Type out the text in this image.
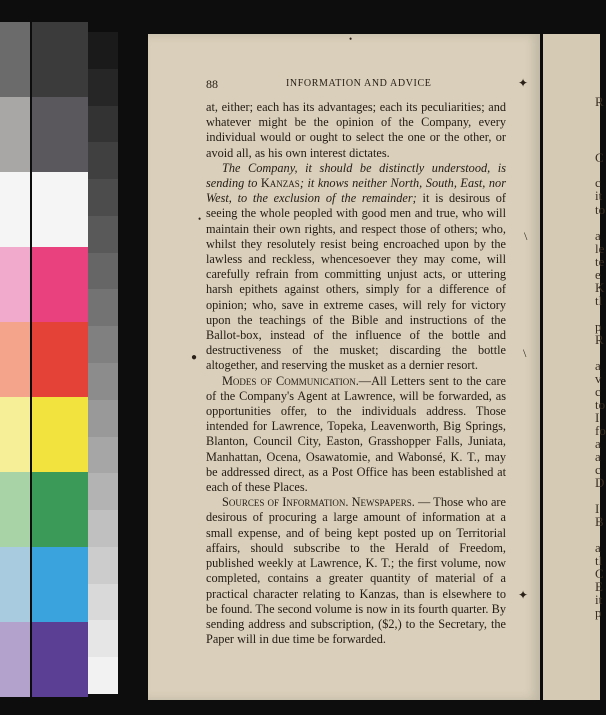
88	INFORMATION AND ADVICE

at, either; each has its advantages; each its peculiarities; and whatever might be the opinion of the Company, every individual would or ought to select the one or the other, or avoid all, as his own interest dictates.

The Company, it should be distinctly understood, is sending to Kanzas; it knows neither North, South, East, nor West, to the exclusion of the remainder; it is desirous of seeing the whole peopled with good men and true, who will maintain their own rights, and respect those of others; who, whilst they resolutely resist being encroached upon by the lawless and reckless, whencesoever they may come, will carefully refrain from committing unjust acts, or uttering harsh epithets against others, simply for a difference of opinion; who, save in extreme cases, will rely for victory upon the teachings of the Bible and instructions of the Ballot-box, instead of the influence of the bottle and destructiveness of the musket; discarding the bottle altogether, and reserving the musket as a dernier resort.

Modes of Communication.—All Letters sent to the care of the Company's Agent at Lawrence, will be forwarded, as opportunities offer, to the individuals address. Those intended for Lawrence, Topeka, Leavenworth, Big Springs, Blanton, Council City, Easton, Grasshopper Falls, Juniata, Manhattan, Ocena, Osawatomie, and Wabonsé, K. T., may be addressed direct, as a Post Office has been established at each of these Places.

Sources of Information. Newspapers. — Those who are desirous of procuring a large amount of information at a small expense, and of being kept posted up on Territorial affairs, should subscribe to the Herald of Freedom, published weekly at Lawrence, K. T.; the first volume, now completed, contains a greater quantity of material of a practical character relating to Kanzas, than is elsewhere to be found. The second volume is now in its fourth quarter. By sending address and subscription, ($2,) to the Secretary, the Paper will in due time be forwarded.

•
✦
•
\
\
●
✦
R
C
c
it
to
a
le
te
e
K
tl
p
R
a
v
c
to
I
fo
a
a
c
D
I
B
a
tl
C
E
it
p
